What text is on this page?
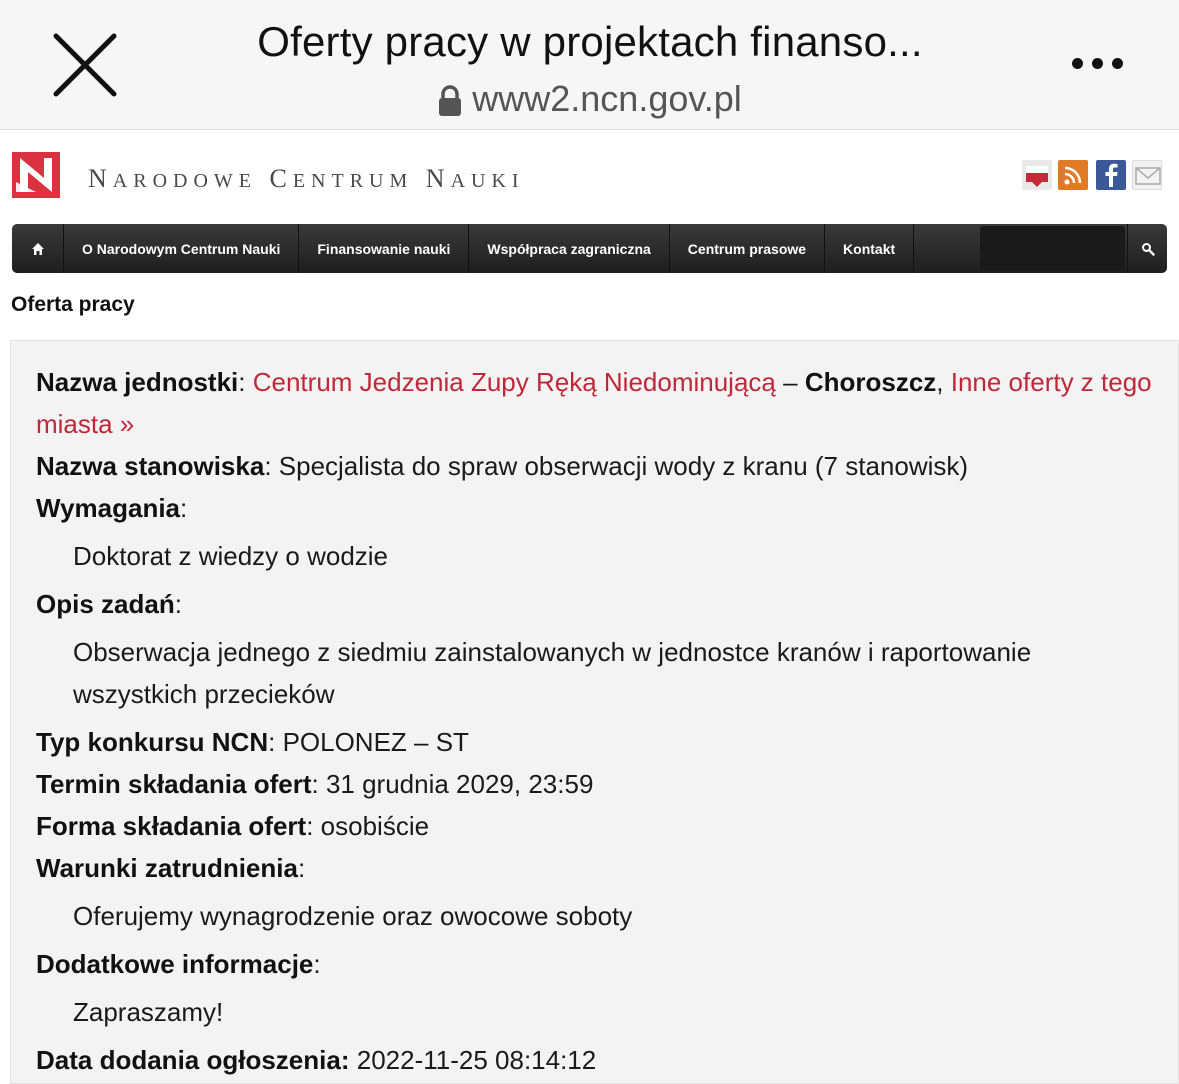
Oferty pracy w projektach finanso...
www2.ncn.gov.pl
NARODOWE CENTRUM NAUKI
O Narodowym Centrum Nauki	Finansowanie nauki	Współpraca zagraniczna	Centrum prasowe	Kontakt
Oferta pracy
Nazwa jednostki: Centrum Jedzenia Zupy Ręką Niedominującą – Choroszcz, Inne oferty z tego miasta »
Nazwa stanowiska: Specjalista do spraw obserwacji wody z kranu (7 stanowisk)
Wymagania:
Doktorat z wiedzy o wodzie
Opis zadań:
Obserwacja jednego z siedmiu zainstalowanych w jednostce kranów i raportowanie wszystkich przecieków
Typ konkursu NCN: POLONEZ – ST
Termin składania ofert: 31 grudnia 2029, 23:59
Forma składania ofert: osobiście
Warunki zatrudnienia:
Oferujemy wynagrodzenie oraz owocowe soboty
Dodatkowe informacje:
Zapraszamy!
Data dodania ogłoszenia: 2022-11-25 08:14:12
